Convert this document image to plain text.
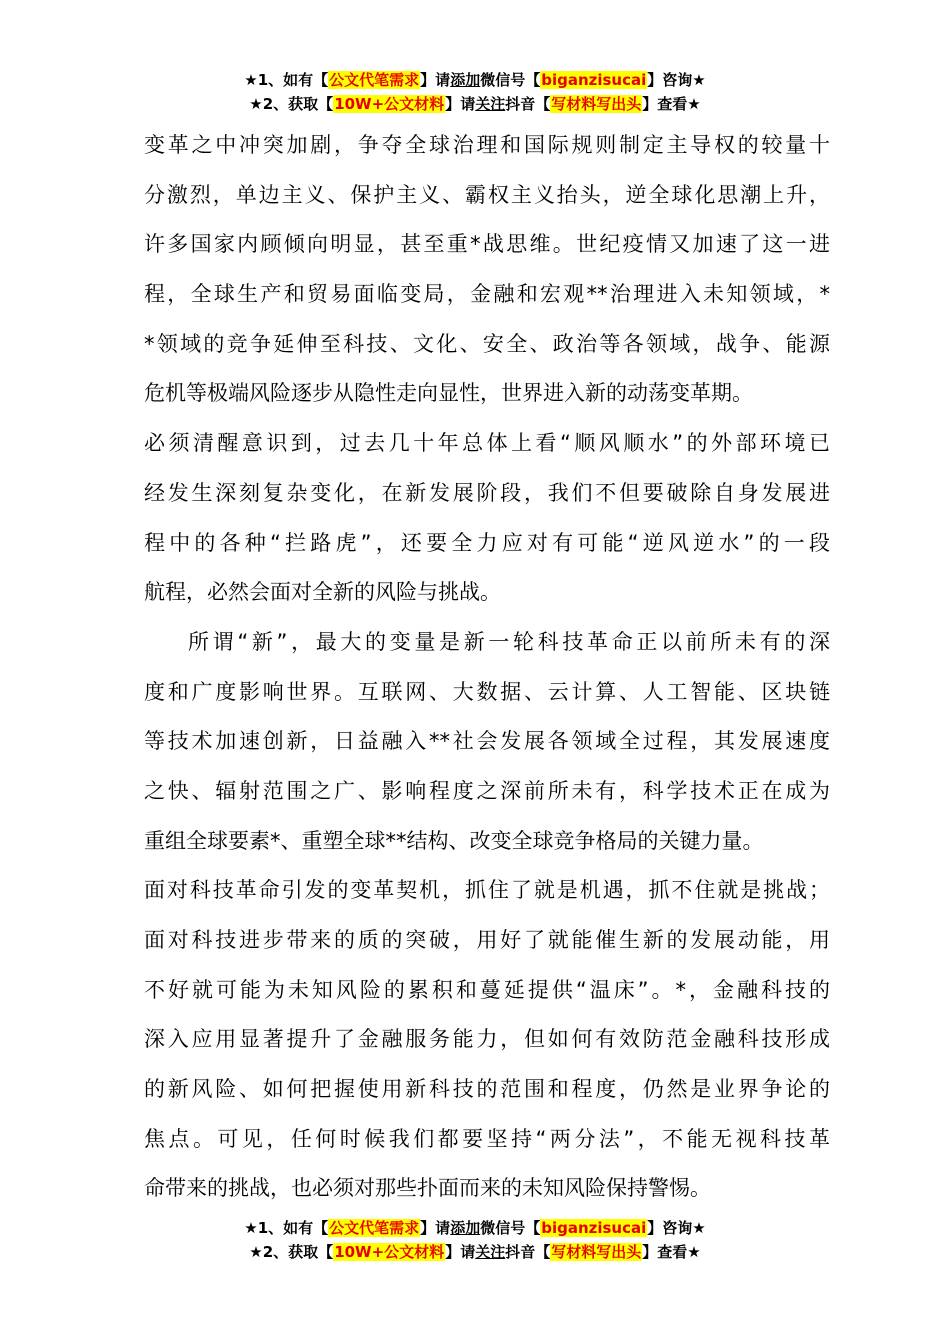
★1、如有【公文代笔需求】请添加微信号【biganzisucai】咨询★
★2、获取【10W+公文材料】请关注抖音【写材料写出头】查看★
变革之中冲突加剧，争夺全球治理和国际规则制定主导权的较量十
分激烈，单边主义、保护主义、霸权主义抬头，逆全球化思潮上升，
许多国家内顾倾向明显，甚至重*战思维。世纪疫情又加速了这一进
程，全球生产和贸易面临变局，金融和宏观**治理进入未知领域，*
*领域的竞争延伸至科技、文化、安全、政治等各领域，战争、能源
危机等极端风险逐步从隐性走向显性，世界进入新的动荡变革期。
必须清醒意识到，过去几十年总体上看“顺风顺水”的外部环境已
经发生深刻复杂变化，在新发展阶段，我们不但要破除自身发展进
程中的各种“拦路虎”，还要全力应对有可能“逆风逆水”的一段
航程，必然会面对全新的风险与挑战。
所谓“新”，最大的变量是新一轮科技革命正以前所未有的深
度和广度影响世界。互联网、大数据、云计算、人工智能、区块链
等技术加速创新，日益融入**社会发展各领域全过程，其发展速度
之快、辐射范围之广、影响程度之深前所未有，科学技术正在成为
重组全球要素*、重塑全球**结构、改变全球竞争格局的关键力量。
面对科技革命引发的变革契机，抓住了就是机遇，抓不住就是挑战；
面对科技进步带来的质的突破，用好了就能催生新的发展动能，用
不好就可能为未知风险的累积和蔓延提供“温床”。*，金融科技的
深入应用显著提升了金融服务能力，但如何有效防范金融科技形成
的新风险、如何把握使用新科技的范围和程度，仍然是业界争论的
焦点。可见，任何时候我们都要坚持“两分法”，不能无视科技革
命带来的挑战，也必须对那些扑面而来的未知风险保持警惕。
★1、如有【公文代笔需求】请添加微信号【biganzisucai】咨询★
★2、获取【10W+公文材料】请关注抖音【写材料写出头】查看★
